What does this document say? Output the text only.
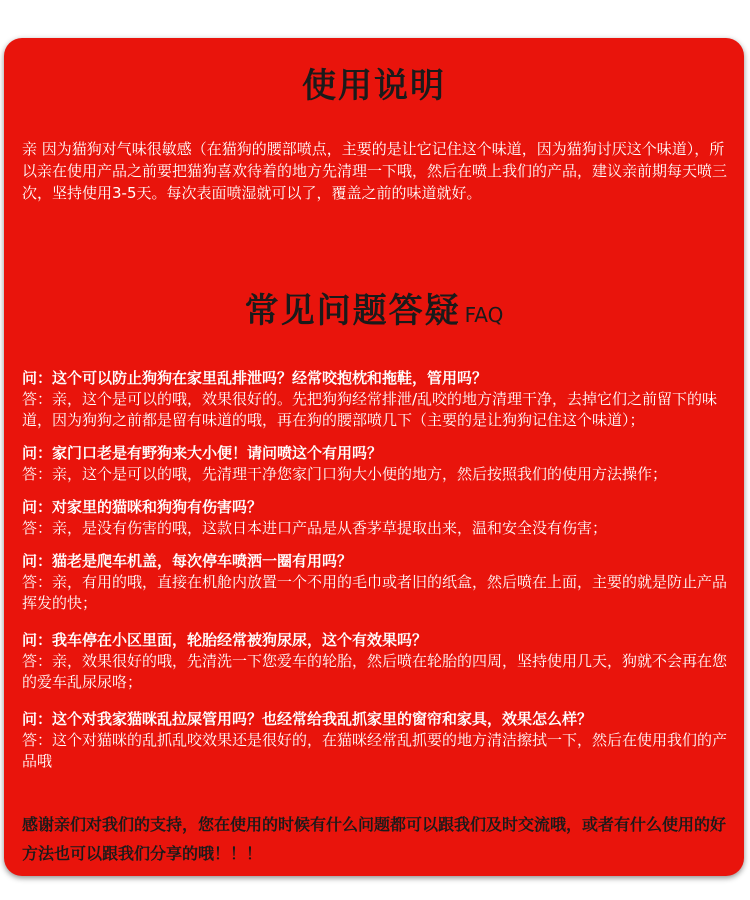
使用说明
亲 因为猫狗对气味很敏感（在猫狗的腰部喷点，主要的是让它记住这个味道，因为猫狗讨厌这个味道），所以亲在使用产品之前要把猫狗喜欢待着的地方先清理一下哦，然后在喷上我们的产品，建议亲前期每天喷三次，坚持使用3-5天。每次表面喷湿就可以了，覆盖之前的味道就好。
常见问题答疑 FAQ
问：这个可以防止狗狗在家里乱排泄吗？经常咬抱枕和拖鞋，管用吗？
答：亲，这个是可以的哦，效果很好的。先把狗狗经常排泄/乱咬的地方清理干净，去掉它们之前留下的味道，因为狗狗之前都是留有味道的哦，再在狗的腰部喷几下（主要的是让狗狗记住这个味道）；
问：家门口老是有野狗来大小便！请问喷这个有用吗？
答：亲，这个是可以的哦，先清理干净您家门口狗大小便的地方，然后按照我们的使用方法操作；
问：对家里的猫咪和狗狗有伤害吗？
答：亲，是没有伤害的哦，这款日本进口产品是从香茅草提取出来，温和安全没有伤害；
问：猫老是爬车机盖，每次停车喷洒一圈有用吗？
答：亲，有用的哦，直接在机舱内放置一个不用的毛巾或者旧的纸盒，然后喷在上面，主要的就是防止产品挥发的快；
问：我车停在小区里面，轮胎经常被狗尿尿，这个有效果吗？
答：亲，效果很好的哦，先清洗一下您爱车的轮胎，然后喷在轮胎的四周，坚持使用几天，狗就不会再在您的爱车乱尿尿咯；
问：这个对我家猫咪乱拉屎管用吗？也经常给我乱抓家里的窗帘和家具，效果怎么样？
答：这个对猫咪的乱抓乱咬效果还是很好的，在猫咪经常乱抓要的地方清洁擦拭一下，然后在使用我们的产品哦
感谢亲们对我们的支持，您在使用的时候有什么问题都可以跟我们及时交流哦，或者有什么使用的好方法也可以跟我们分享的哦！！！
